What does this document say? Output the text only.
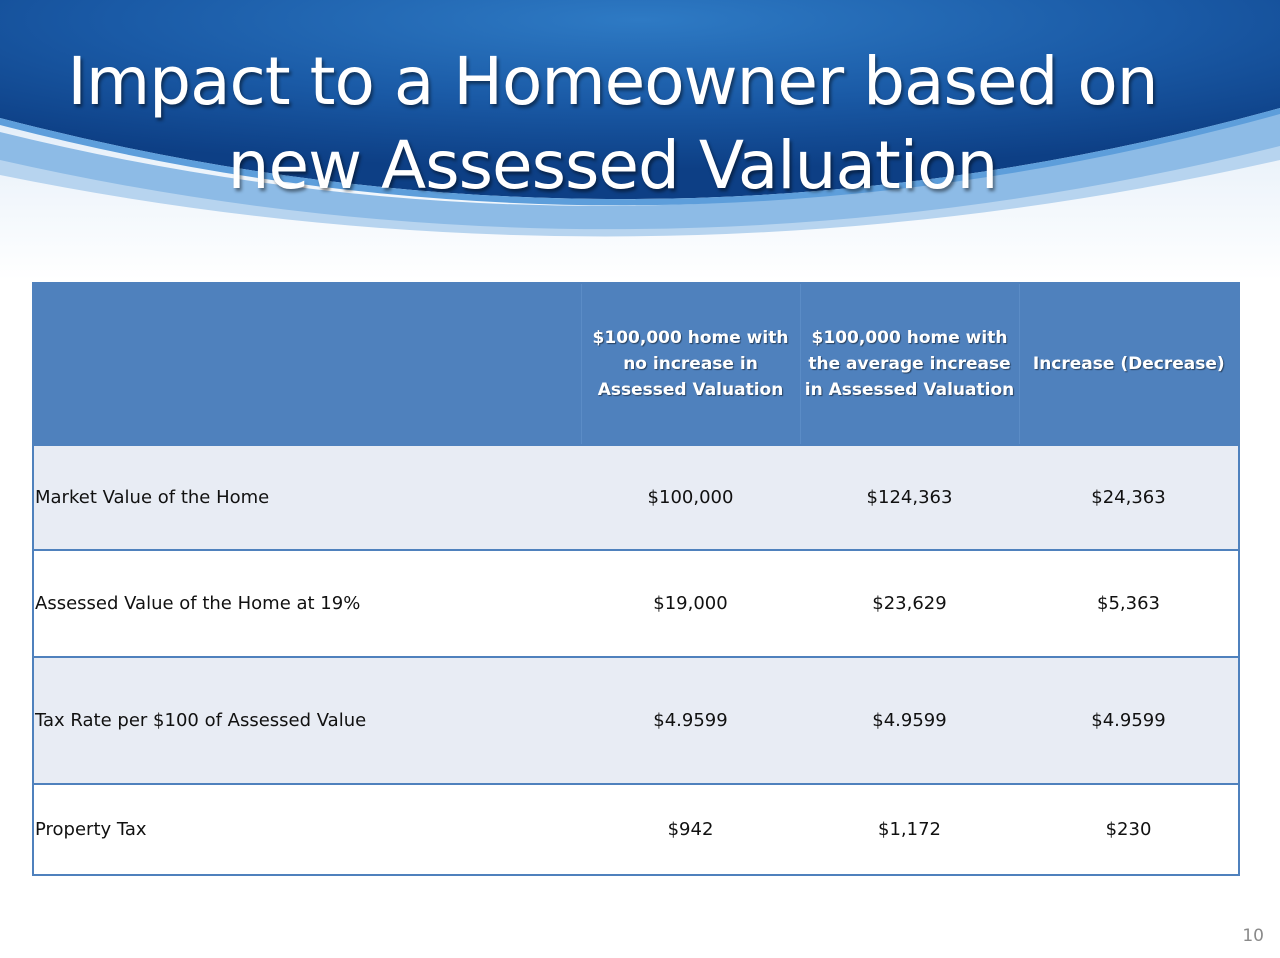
Impact to a Homeowner based on
new Assessed Valuation
	$100,000 home with no increase in Assessed Valuation	$100,000 home with the average increase in Assessed Valuation	Increase (Decrease)
Market Value of the Home	$100,000	$124,363	$24,363
Assessed Value of the Home at 19%	$19,000	$23,629	$5,363
Tax Rate per $100 of Assessed Value	$4.9599	$4.9599	$4.9599
Property Tax	$942	$1,172	$230
10
